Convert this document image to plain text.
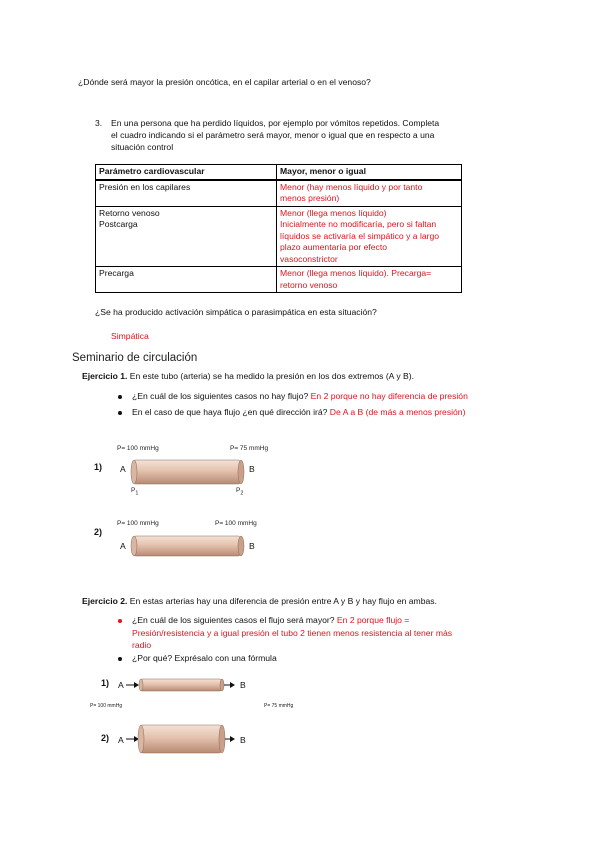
¿Dónde será mayor la presión oncótica, en el capilar arterial o en el venoso?
3. En una persona que ha perdido líquidos, por ejemplo por vómitos repetidos. Completa
el cuadro indicando si el parámetro será mayor, menor o igual que en respecto a una
situación control
Parámetro cardiovascular	Mayor, menor o igual

Presión en los capilares	Menor (hay menos líquido y por tanto
menos presión)

Retorno venoso
Postcarga	Menor (llega menos líquido)
Inicialmente no modificaría, pero si faltan
líquidos se activaría el simpático y a largo
plazo aumentaría por efecto
vasoconstrictor

Precarga	Menor (llega menos líquido). Precarga=
retorno venoso
¿Se ha producido activación simpática o parasimpática en esta situación?
Simpática
Seminario de circulación
Ejercicio 1. En este tubo (arteria) se ha medido la presión en los dos extremos (A y B).
¿En cuál de los siguientes casos no hay flujo? En 2 porque no hay diferencia de presión
En el caso de que haya flujo ¿en qué dirección irá? De A a B (de más a menos presión)
P= 100 mmHg	P= 75 mmHg
1) A	B
$P_1$	$P_2$
P= 100 mmHg	P= 100 mmHg
2)
A	B
Ejercicio 2. En estas arterias hay una diferencia de presión entre A y B y hay flujo en ambas.
¿En cuál de los siguientes casos el flujo será mayor? En 2 porque flujo =
Presión/resistencia y a igual presión el tubo 2 tienen menos resistencia al tener más
radio
¿Por qué? Exprésalo con una fórmula
1) A	B
P= 100 mmHg	P= 75 mmHg
2) A	B
